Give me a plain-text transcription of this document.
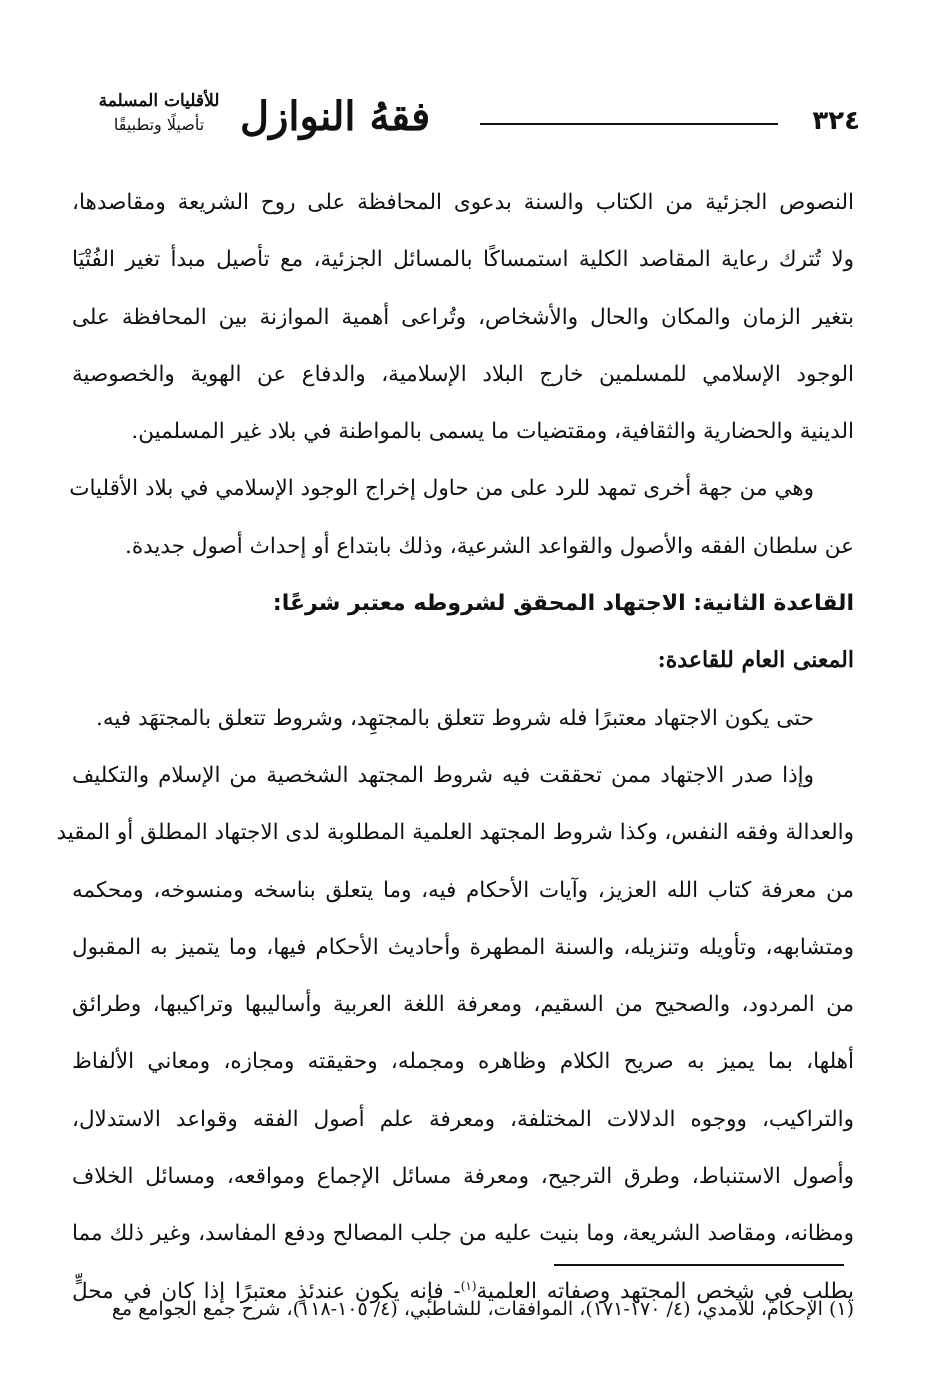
٣٢٤
فقهُ النوازل
للأقليات المسلمة
تأصيلًا وتطبيقًا
النصوص الجزئية من الكتاب والسنة بدعوى المحافظة على روح الشريعة ومقاصدها،
ولا تُترك رعاية المقاصد الكلية استمساكًا بالمسائل الجزئية، مع تأصيل مبدأ تغير الفُتْيَا
بتغير الزمان والمكان والحال والأشخاص، وتُراعى أهمية الموازنة بين المحافظة على
الوجود الإسلامي للمسلمين خارج البلاد الإسلامية، والدفاع عن الهوية والخصوصية
الدينية والحضارية والثقافية، ومقتضيات ما يسمى بالمواطنة في بلاد غير المسلمين.
وهي من جهة أخرى تمهد للرد على من حاول إخراج الوجود الإسلامي في بلاد الأقليات
عن سلطان الفقه والأصول والقواعد الشرعية، وذلك بابتداع أو إحداث أصول جديدة.
القاعدة الثانية: الاجتهاد المحقق لشروطه معتبر شرعًا:
المعنى العام للقاعدة:
حتى يكون الاجتهاد معتبرًا فله شروط تتعلق بالمجتهِد، وشروط تتعلق بالمجتهَد فيه.
وإذا صدر الاجتهاد ممن تحققت فيه شروط المجتهد الشخصية من الإسلام والتكليف
والعدالة وفقه النفس، وكذا شروط المجتهد العلمية المطلوبة لدى الاجتهاد المطلق أو المقيد
من معرفة كتاب الله العزيز، وآيات الأحكام فيه، وما يتعلق بناسخه ومنسوخه، ومحكمه
ومتشابهه، وتأويله وتنزيله، والسنة المطهرة وأحاديث الأحكام فيها، وما يتميز به المقبول
من المردود، والصحيح من السقيم، ومعرفة اللغة العربية وأساليبها وتراكيبها، وطرائق
أهلها، بما يميز به صريح الكلام وظاهره ومجمله، وحقيقته ومجازه، ومعاني الألفاظ
والتراكيب، ووجوه الدلالات المختلفة، ومعرفة علم أصول الفقه وقواعد الاستدلال،
وأصول الاستنباط، وطرق الترجيح، ومعرفة مسائل الإجماع ومواقعه، ومسائل الخلاف
ومظانه، ومقاصد الشريعة، وما بنيت عليه من جلب المصالح ودفع المفاسد، وغير ذلك مما
يطلب في شخص المجتهد وصفاته العلمية$^{(١)}$- فإنه يكون عندئذٍ معتبرًا إذا كان في محلٍّ
(١) الإحكام، للآمدي، (٤/ ١٧٠-١٧١)، الموافقات، للشاطبي، (٤/ ١٠٥-١١٨)، شرح جمع الجوامع مع
